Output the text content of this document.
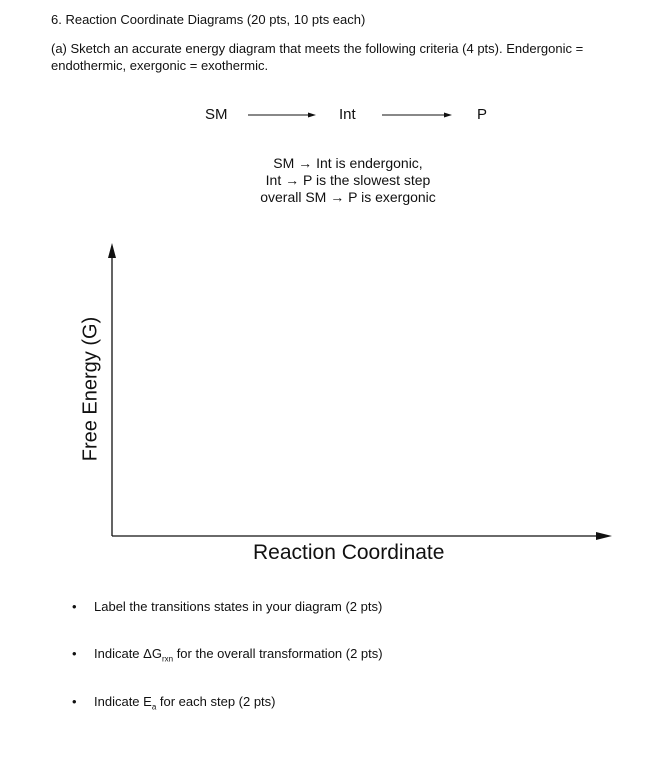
6. Reaction Coordinate Diagrams (20 pts, 10 pts each)
(a) Sketch an accurate energy diagram that meets the following criteria (4 pts). Endergonic =
endothermic, exergonic = exothermic.
SM	Int	P
SM → Int is endergonic,
Int → P is the slowest step
overall SM → P is exergonic
Free Energy (G)
Reaction Coordinate
• Label the transitions states in your diagram (2 pts)
• Indicate $\Delta G_{rxn}$ for the overall transformation (2 pts)
• Indicate $E_a$ for each step (2 pts)
